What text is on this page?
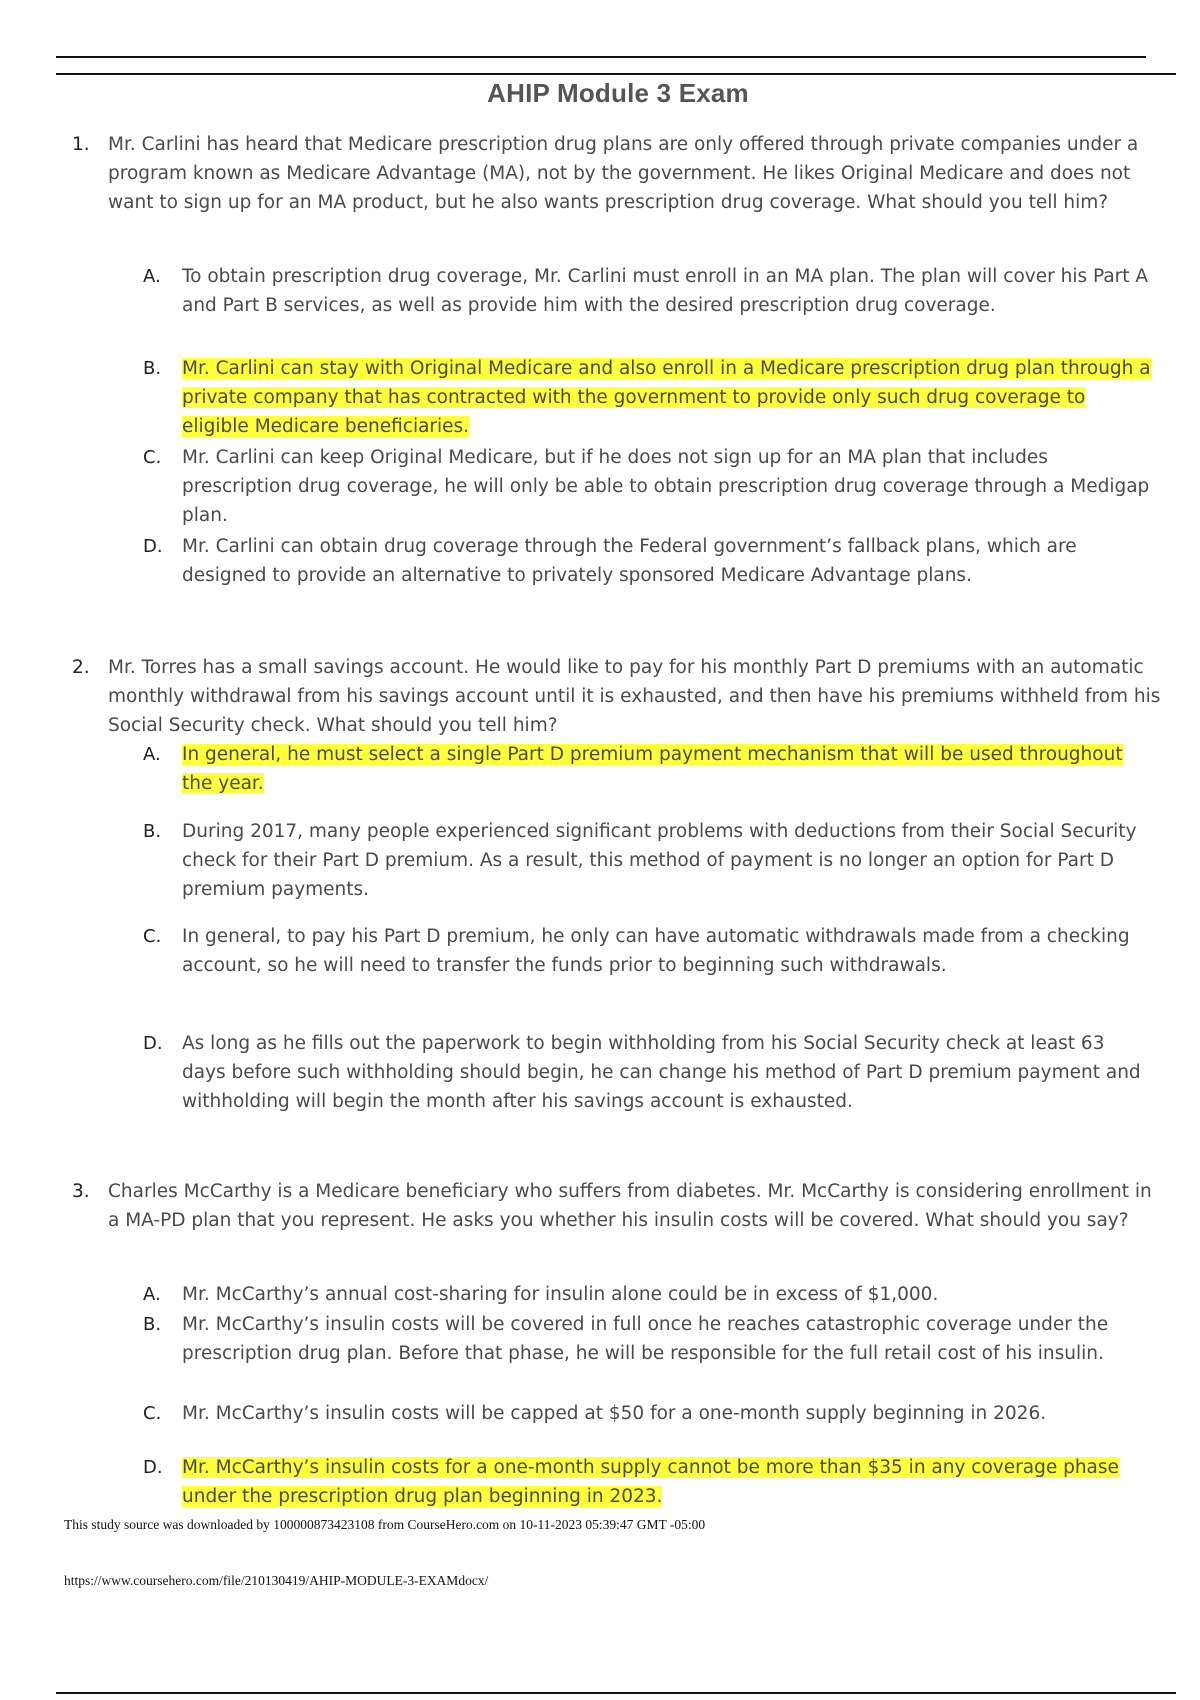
AHIP Module 3 Exam
1. Mr. Carlini has heard that Medicare prescription drug plans are only offered through private companies under a program known as Medicare Advantage (MA), not by the government. He likes Original Medicare and does not want to sign up for an MA product, but he also wants prescription drug coverage. What should you tell him?
A.	To obtain prescription drug coverage, Mr. Carlini must enroll in an MA plan. The plan will cover his Part A and Part B services, as well as provide him with the desired prescription drug coverage.
B.	Mr. Carlini can stay with Original Medicare and also enroll in a Medicare prescription drug plan through a private company that has contracted with the government to provide only such drug coverage to eligible Medicare beneficiaries.
C.	Mr. Carlini can keep Original Medicare, but if he does not sign up for an MA plan that includes prescription drug coverage, he will only be able to obtain prescription drug coverage through a Medigap plan.
D.	Mr. Carlini can obtain drug coverage through the Federal government’s fallback plans, which are designed to provide an alternative to privately sponsored Medicare Advantage plans.
2. Mr. Torres has a small savings account. He would like to pay for his monthly Part D premiums with an automatic monthly withdrawal from his savings account until it is exhausted, and then have his premiums withheld from his Social Security check. What should you tell him?
A.	In general, he must select a single Part D premium payment mechanism that will be used throughout the year.
B.	During 2017, many people experienced significant problems with deductions from their Social Security check for their Part D premium. As a result, this method of payment is no longer an option for Part D premium payments.
C.	In general, to pay his Part D premium, he only can have automatic withdrawals made from a checking account, so he will need to transfer the funds prior to beginning such withdrawals.
D.	As long as he fills out the paperwork to begin withholding from his Social Security check at least 63 days before such withholding should begin, he can change his method of Part D premium payment and withholding will begin the month after his savings account is exhausted.
3. Charles McCarthy is a Medicare beneficiary who suffers from diabetes. Mr. McCarthy is considering enrollment in a MA-PD plan that you represent. He asks you whether his insulin costs will be covered. What should you say?
A.	Mr. McCarthy’s annual cost-sharing for insulin alone could be in excess of $1,000.
B.	Mr. McCarthy’s insulin costs will be covered in full once he reaches catastrophic coverage under the prescription drug plan. Before that phase, he will be responsible for the full retail cost of his insulin.
C.	Mr. McCarthy’s insulin costs will be capped at $50 for a one-month supply beginning in 2026.
D.	Mr. McCarthy’s insulin costs for a one-month supply cannot be more than $35 in any coverage phase under the prescription drug plan beginning in 2023.
This study source was downloaded by 100000873423108 from CourseHero.com on 10-11-2023 05:39:47 GMT -05:00
https://www.coursehero.com/file/210130419/AHIP-MODULE-3-EXAMdocx/
